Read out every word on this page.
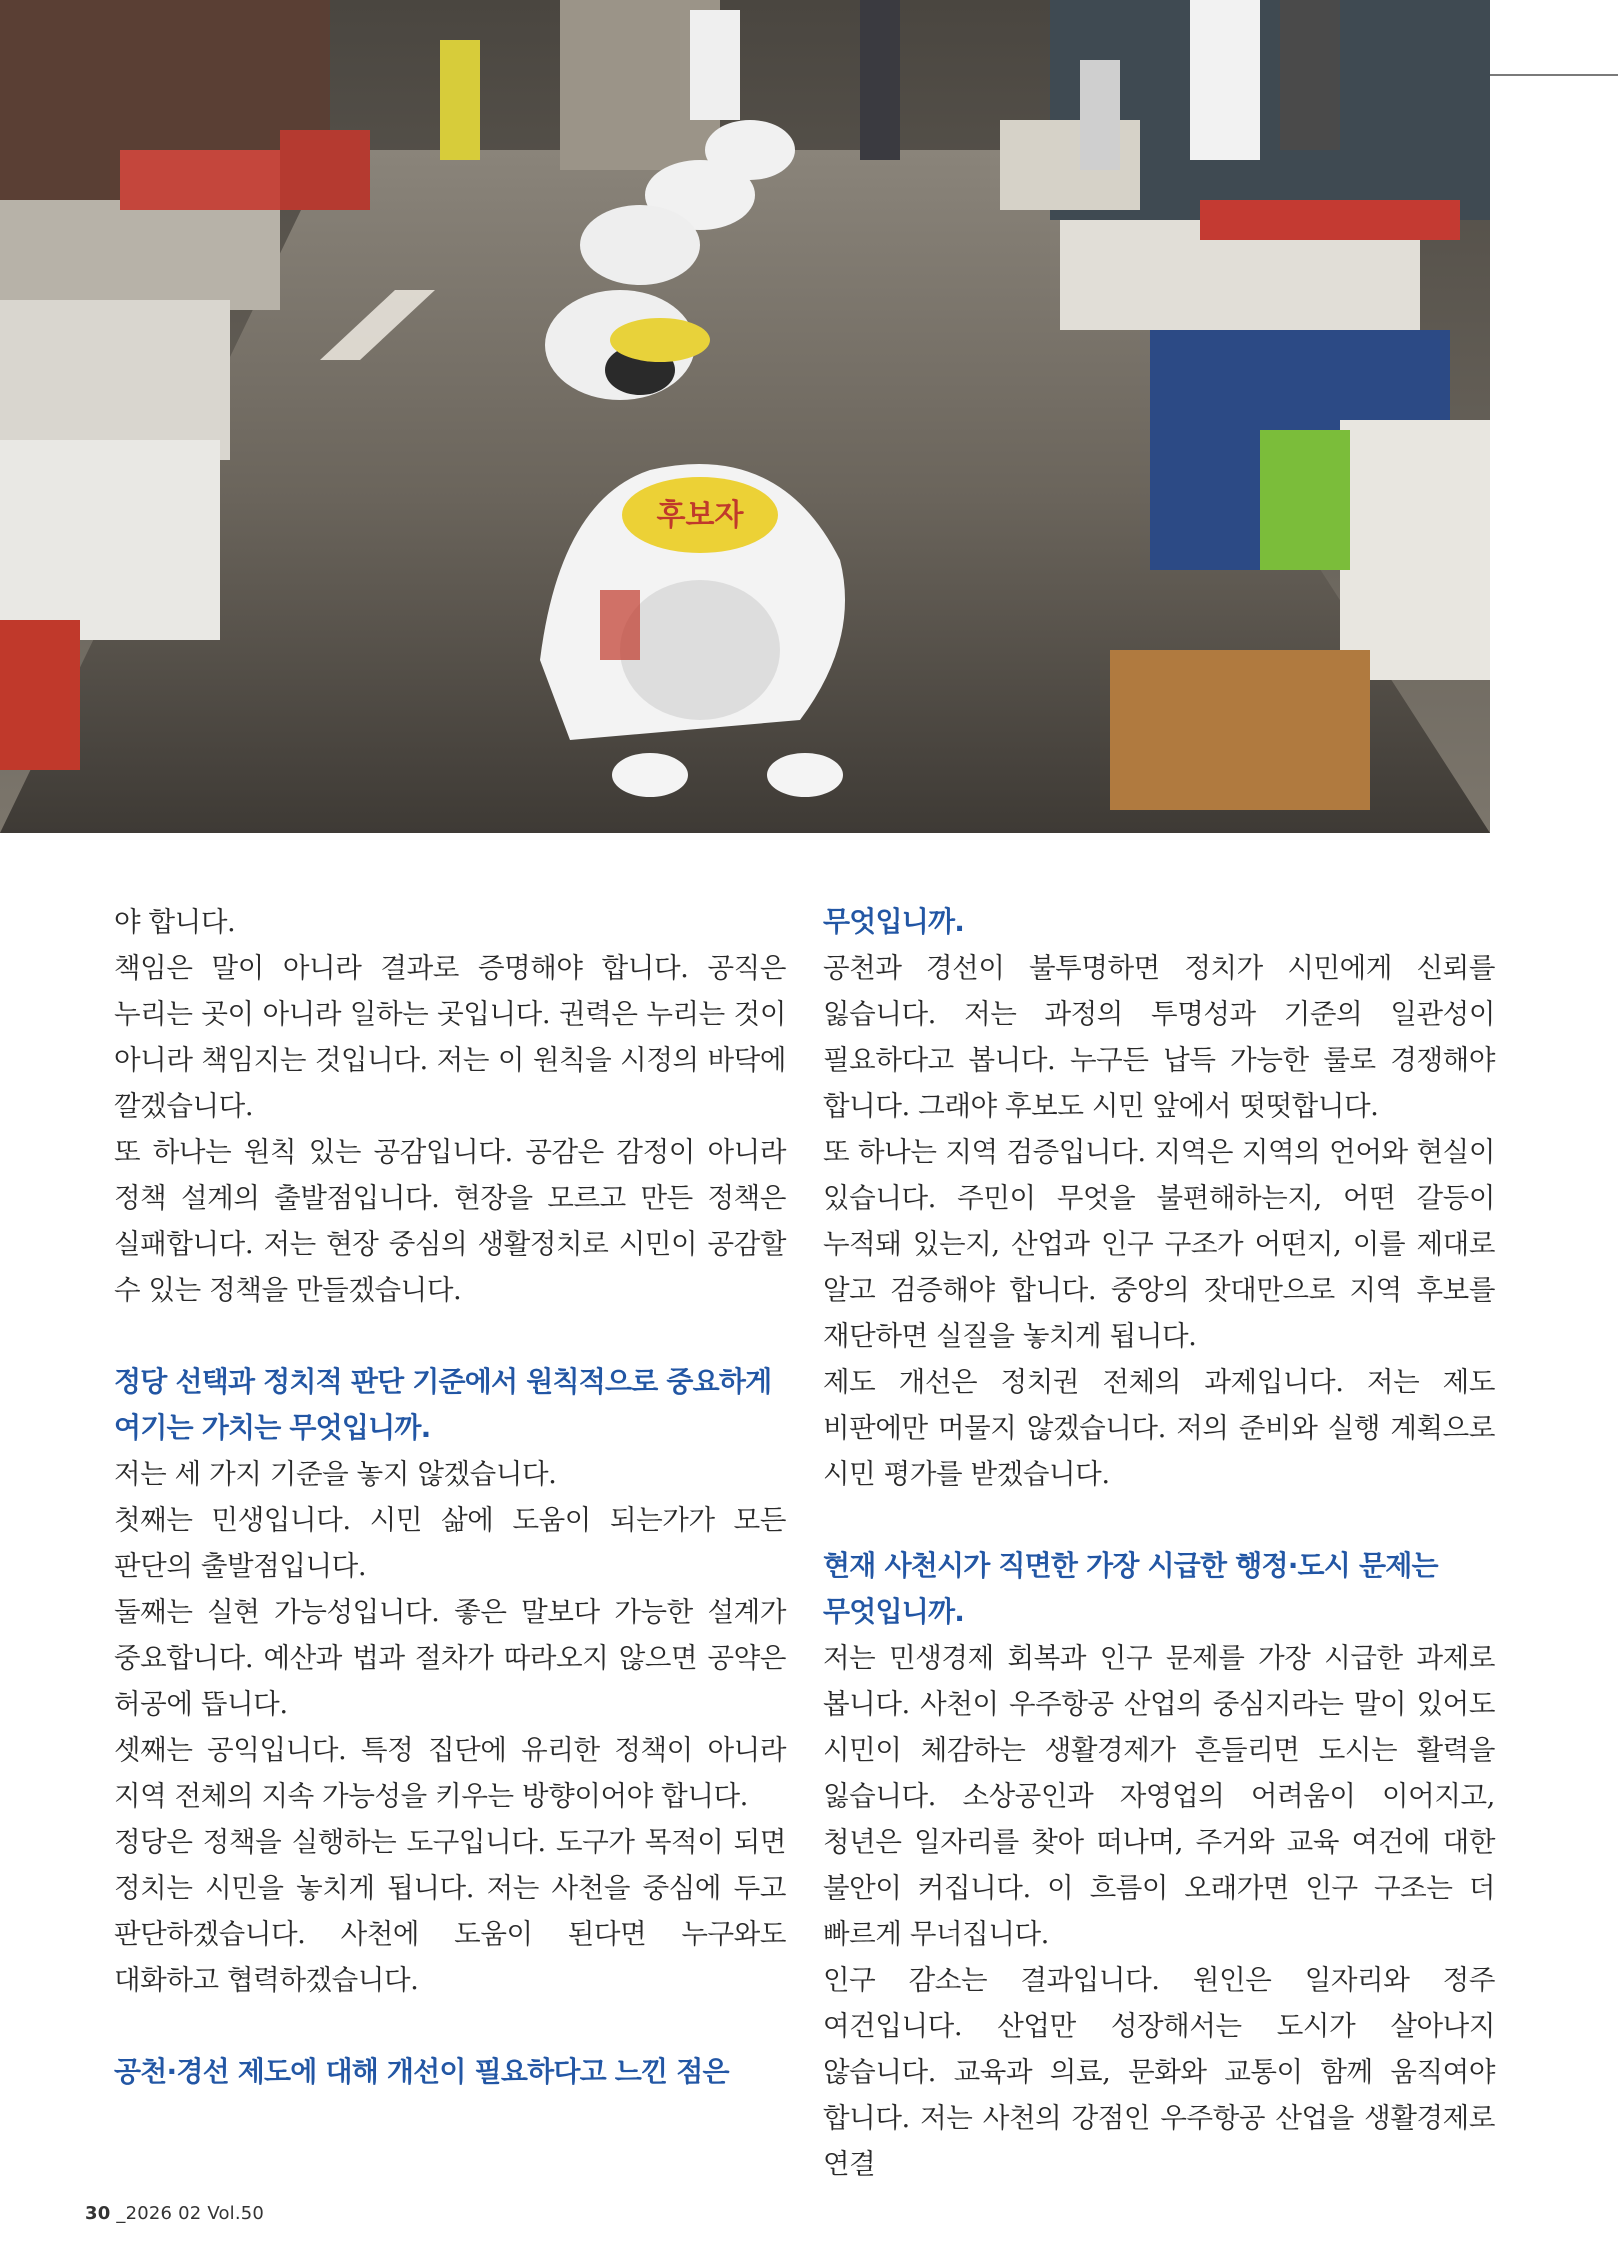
후보자

야 합니다.

책임은 말이 아니라 결과로 증명해야 합니다. 공직은 누리는 곳이 아니라 일하는 곳입니다. 권력은 누리는 것이 아니라 책임지는 것입니다. 저는 이 원칙을 시정의 바닥에 깔겠습니다.

또 하나는 원칙 있는 공감입니다. 공감은 감정이 아니라 정책 설계의 출발점입니다. 현장을 모르고 만든 정책은 실패합니다. 저는 현장 중심의 생활정치로 시민이 공감할 수 있는 정책을 만들겠습니다.

정당 선택과 정치적 판단 기준에서 원칙적으로 중요하게 여기는 가치는 무엇입니까.

저는 세 가지 기준을 놓지 않겠습니다.

첫째는 민생입니다. 시민 삶에 도움이 되는가가 모든 판단의 출발점입니다.

둘째는 실현 가능성입니다. 좋은 말보다 가능한 설계가 중요합니다. 예산과 법과 절차가 따라오지 않으면 공약은 허공에 뜹니다.

셋째는 공익입니다. 특정 집단에 유리한 정책이 아니라 지역 전체의 지속 가능성을 키우는 방향이어야 합니다.

정당은 정책을 실행하는 도구입니다. 도구가 목적이 되면 정치는 시민을 놓치게 됩니다. 저는 사천을 중심에 두고 판단하겠습니다. 사천에 도움이 된다면 누구와도 대화하고 협력하겠습니다.

공천·경선 제도에 대해 개선이 필요하다고 느낀 점은
무엇입니까.

공천과 경선이 불투명하면 정치가 시민에게 신뢰를 잃습니다. 저는 과정의 투명성과 기준의 일관성이 필요하다고 봅니다. 누구든 납득 가능한 룰로 경쟁해야 합니다. 그래야 후보도 시민 앞에서 떳떳합니다.

또 하나는 지역 검증입니다. 지역은 지역의 언어와 현실이 있습니다. 주민이 무엇을 불편해하는지, 어떤 갈등이 누적돼 있는지, 산업과 인구 구조가 어떤지, 이를 제대로 알고 검증해야 합니다. 중앙의 잣대만으로 지역 후보를 재단하면 실질을 놓치게 됩니다.

제도 개선은 정치권 전체의 과제입니다. 저는 제도 비판에만 머물지 않겠습니다. 저의 준비와 실행 계획으로 시민 평가를 받겠습니다.

현재 사천시가 직면한 가장 시급한 행정·도시 문제는 무엇입니까.

저는 민생경제 회복과 인구 문제를 가장 시급한 과제로 봅니다. 사천이 우주항공 산업의 중심지라는 말이 있어도 시민이 체감하는 생활경제가 흔들리면 도시는 활력을 잃습니다. 소상공인과 자영업의 어려움이 이어지고, 청년은 일자리를 찾아 떠나며, 주거와 교육 여건에 대한 불안이 커집니다. 이 흐름이 오래가면 인구 구조는 더 빠르게 무너집니다.

인구 감소는 결과입니다. 원인은 일자리와 정주 여건입니다. 산업만 성장해서는 도시가 살아나지 않습니다. 교육과 의료, 문화와 교통이 함께 움직여야 합니다. 저는 사천의 강점인 우주항공 산업을 생활경제로 연결

30 _2026 02 Vol.50
